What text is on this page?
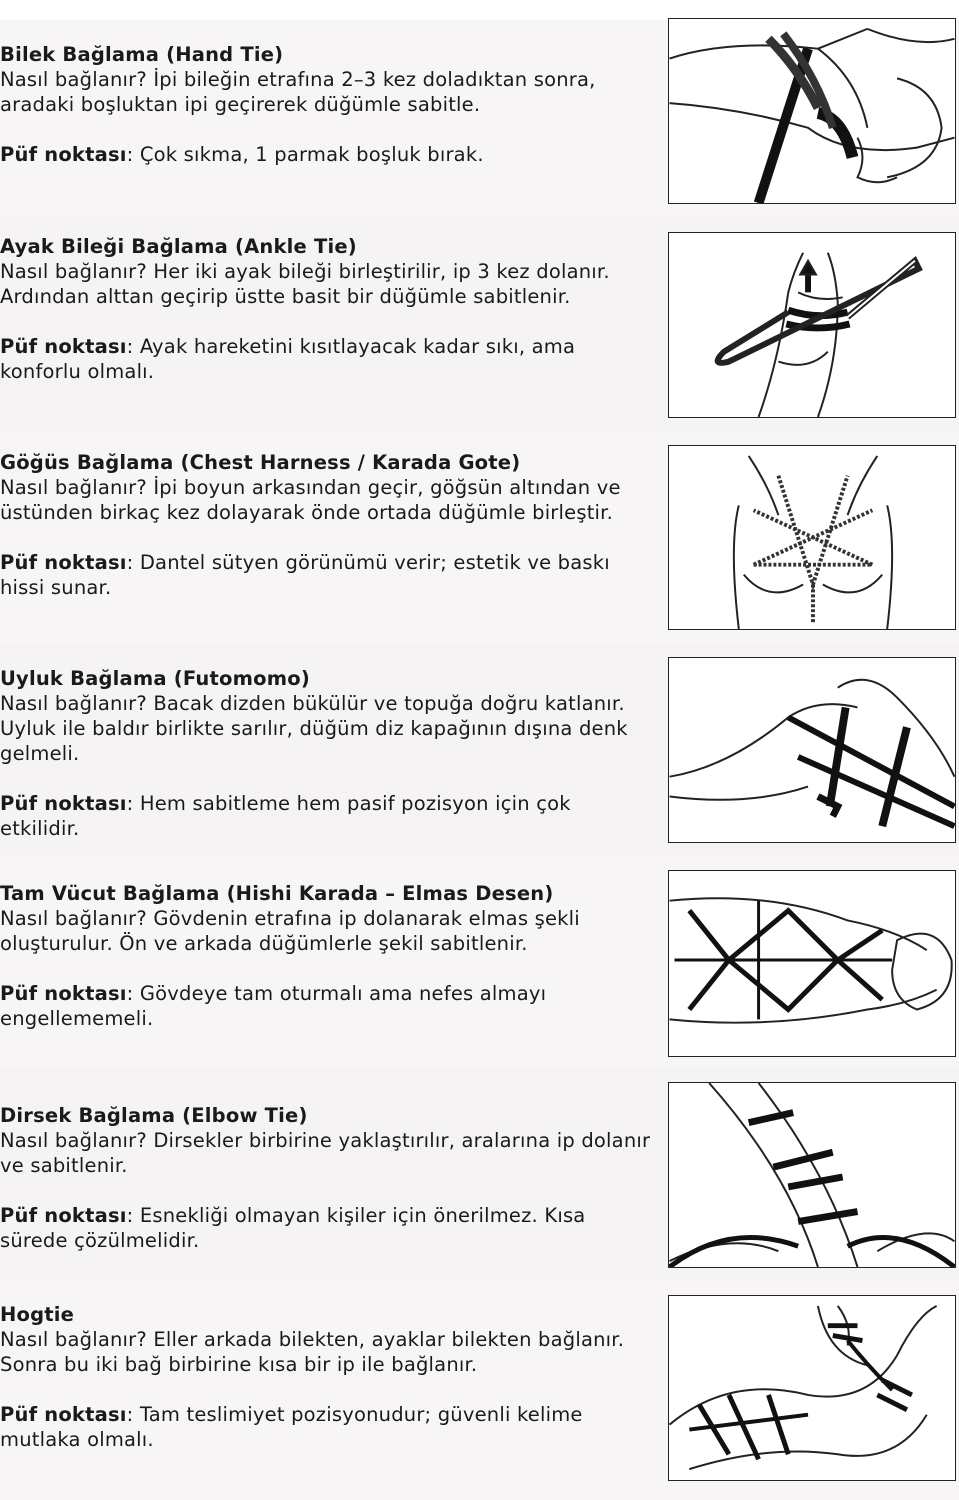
Bilek Bağlama (Hand Tie)
Nasıl bağlanır? İpi bileğin etrafına 2–3 kez doladıktan sonra, aradaki boşluktan ipi geçirerek düğümle sabitle.
Püf noktası: Çok sıkma, 1 parmak boşluk bırak.
Ayak Bileği Bağlama (Ankle Tie)
Nasıl bağlanır? Her iki ayak bileği birleştirilir, ip 3 kez dolanır. Ardından alttan geçirip üstte basit bir düğümle sabitlenir.
Püf noktası: Ayak hareketini kısıtlayacak kadar sıkı, ama konforlu olmalı.
Göğüs Bağlama (Chest Harness / Karada Gote)
Nasıl bağlanır? İpi boyun arkasından geçir, göğsün altından ve üstünden birkaç kez dolayarak önde ortada düğümle birleştir.
Püf noktası: Dantel sütyen görünümü verir; estetik ve baskı hissi sunar.
Uyluk Bağlama (Futomomo)
Nasıl bağlanır? Bacak dizden bükülür ve topuğa doğru katlanır. Uyluk ile baldır birlikte sarılır, düğüm diz kapağının dışına denk gelmeli.
Püf noktası: Hem sabitleme hem pasif pozisyon için çok etkilidir.
Tam Vücut Bağlama (Hishi Karada – Elmas Desen)
Nasıl bağlanır? Gövdenin etrafına ip dolanarak elmas şekli oluşturulur. Ön ve arkada düğümlerle şekil sabitlenir.
Püf noktası: Gövdeye tam oturmalı ama nefes almayı engellememeli.
Dirsek Bağlama (Elbow Tie)
Nasıl bağlanır? Dirsekler birbirine yaklaştırılır, aralarına ip dolanır ve sabitlenir.
Püf noktası: Esnekliği olmayan kişiler için önerilmez. Kısa sürede çözülmelidir.
Hogtie
Nasıl bağlanır? Eller arkada bilekten, ayaklar bilekten bağlanır. Sonra bu iki bağ birbirine kısa bir ip ile bağlanır.
Püf noktası: Tam teslimiyet pozisyonudur; güvenli kelime mutlaka olmalı.
